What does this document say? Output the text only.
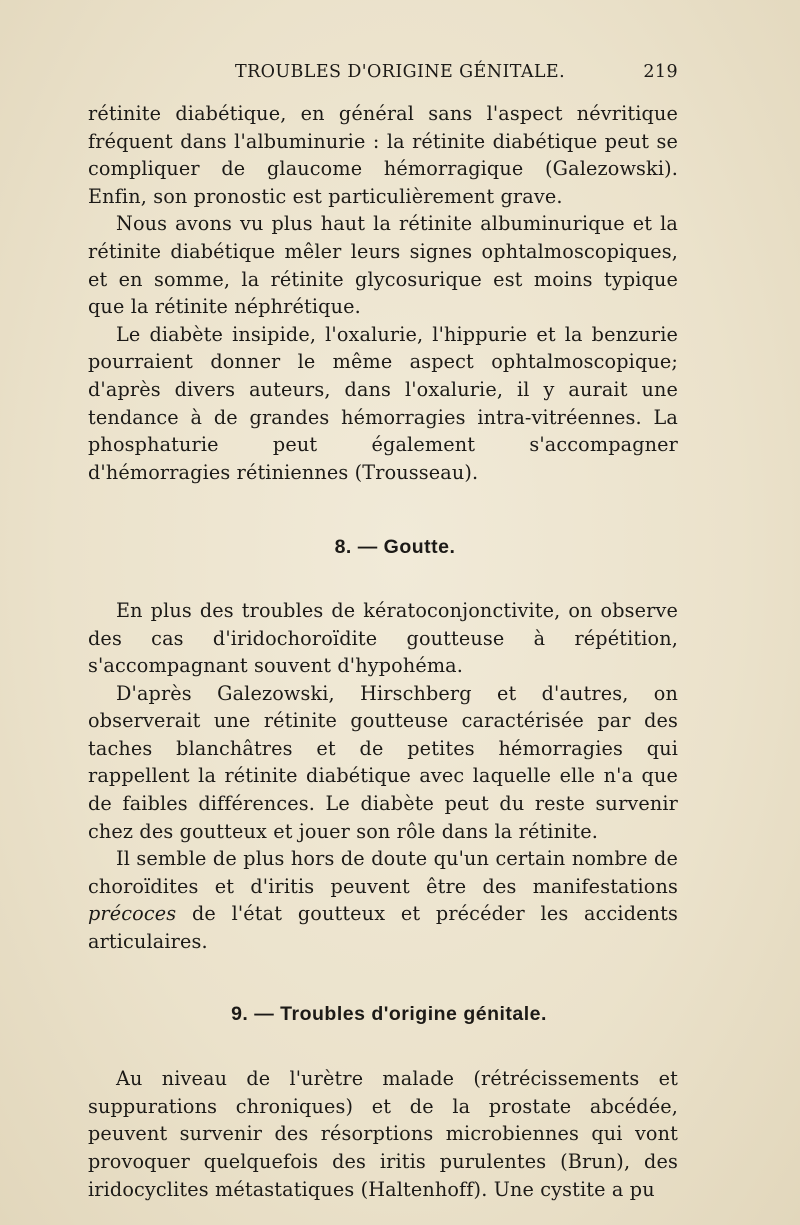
TROUBLES D'ORIGINE GÉNITALE.	219

rétinite diabétique, en général sans l'aspect névritique fréquent dans l'albuminurie : la rétinite diabétique peut se compliquer de glaucome hémorragique (Galezowski). Enfin, son pronostic est particulièrement grave.

Nous avons vu plus haut la rétinite albuminurique et la rétinite diabétique mêler leurs signes ophtalmoscopiques, et en somme, la rétinite glycosurique est moins typique que la rétinite néphrétique.

Le diabète insipide, l'oxalurie, l'hippurie et la benzurie pourraient donner le même aspect ophtalmoscopique; d'après divers auteurs, dans l'oxalurie, il y aurait une tendance à de grandes hémorragies intra-vitréennes. La phosphaturie peut également s'accompagner d'hémorragies rétiniennes (Trousseau).

8. — Goutte.

En plus des troubles de kératoconjonctivite, on observe des cas d'iridochoroïdite goutteuse à répétition, s'accompagnant souvent d'hypohéma.

D'après Galezowski, Hirschberg et d'autres, on observerait une rétinite goutteuse caractérisée par des taches blanchâtres et de petites hémorragies qui rappellent la rétinite diabétique avec laquelle elle n'a que de faibles différences. Le diabète peut du reste survenir chez des goutteux et jouer son rôle dans la rétinite.

Il semble de plus hors de doute qu'un certain nombre de choroïdites et d'iritis peuvent être des manifestations précoces de l'état goutteux et précéder les accidents articulaires.

9. — Troubles d'origine génitale.

Au niveau de l'urètre malade (rétrécissements et suppurations chroniques) et de la prostate abcédée, peuvent survenir des résorptions microbiennes qui vont provoquer quelquefois des iritis purulentes (Brun), des iridocyclites métastatiques (Haltenhoff). Une cystite a pu
